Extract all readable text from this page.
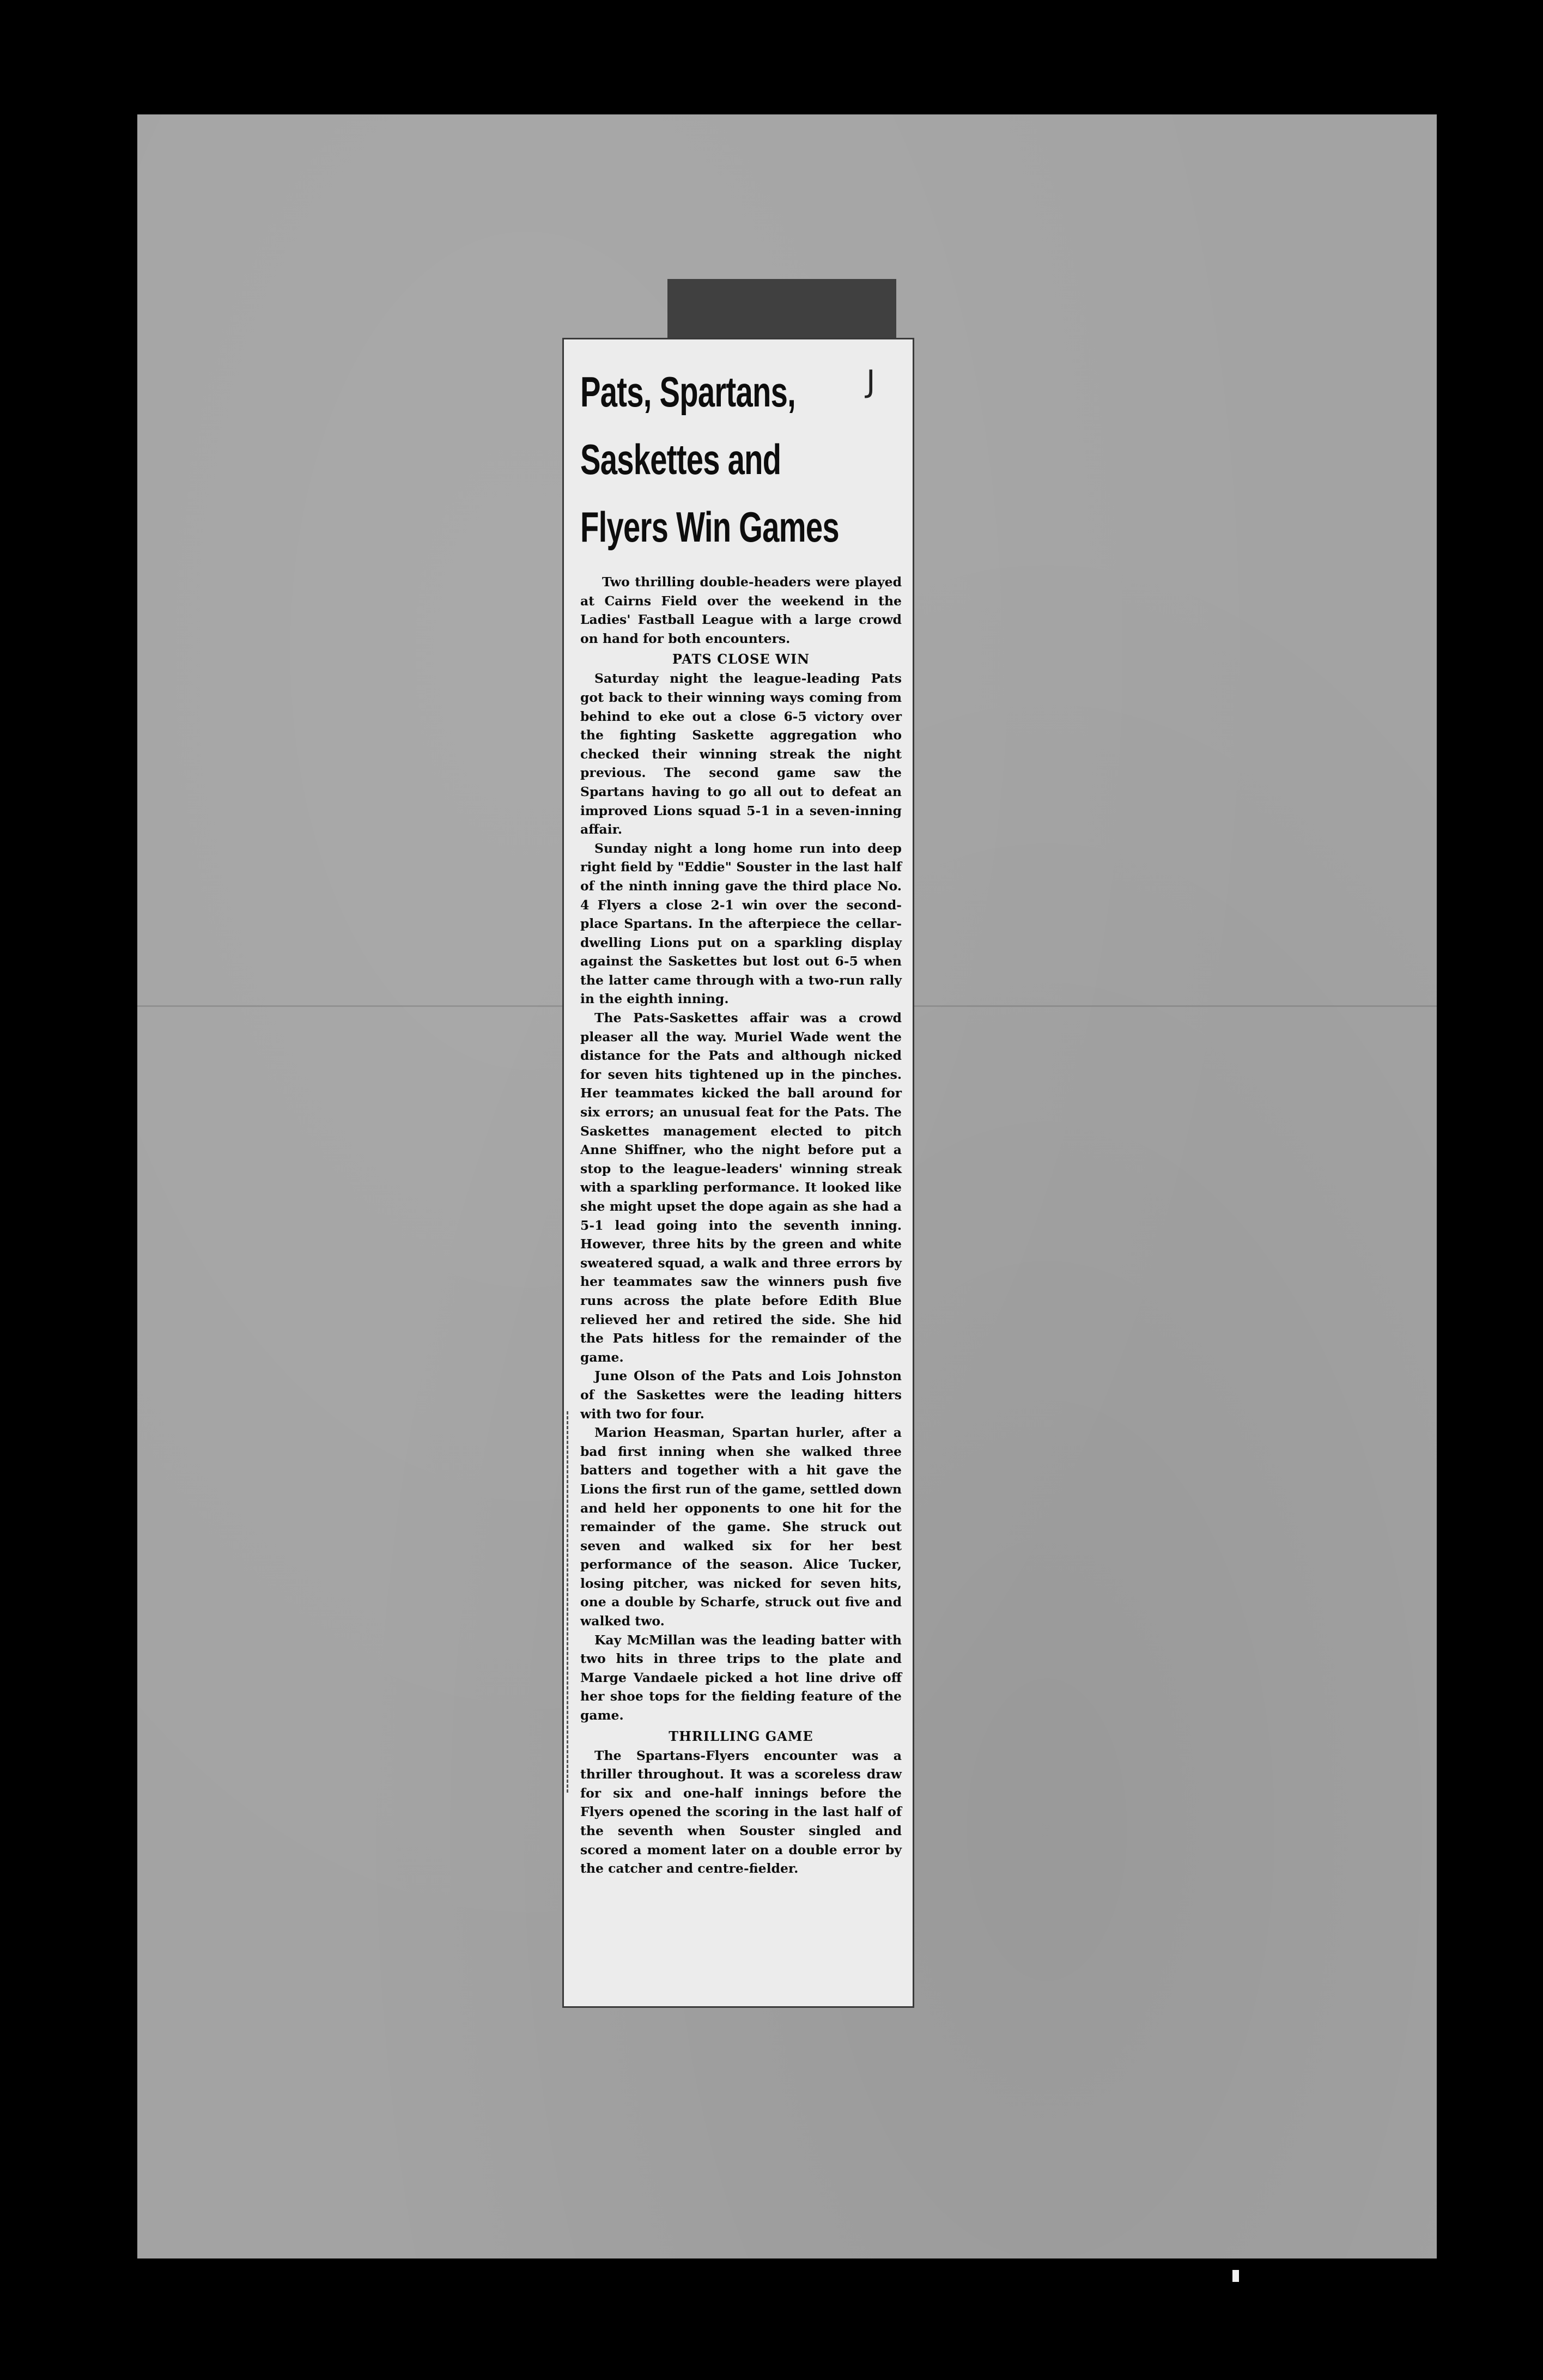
J
Pats, Spartans,
Saskettes and
Flyers Win Games

Two thrilling double-headers were played at Cairns Field over the weekend in the Ladies' Fastball League with a large crowd on hand for both encounters.

PATS CLOSE WIN

Saturday night the league-leading Pats got back to their winning ways coming from behind to eke out a close 6-5 victory over the fighting Saskette aggregation who checked their winning streak the night previous. The second game saw the Spartans having to go all out to defeat an improved Lions squad 5-1 in a seven-inning affair.

Sunday night a long home run into deep right field by "Eddie" Souster in the last half of the ninth inning gave the third place No. 4 Flyers a close 2-1 win over the second-place Spartans. In the afterpiece the cellar-dwelling Lions put on a sparkling display against the Saskettes but lost out 6-5 when the latter came through with a two-run rally in the eighth inning.

The Pats-Saskettes affair was a crowd pleaser all the way. Muriel Wade went the distance for the Pats and although nicked for seven hits tightened up in the pinches. Her teammates kicked the ball around for six errors; an unusual feat for the Pats. The Saskettes management elected to pitch Anne Shiffner, who the night before put a stop to the league-leaders' winning streak with a sparkling performance. It looked like she might upset the dope again as she had a 5-1 lead going into the seventh inning. However, three hits by the green and white sweatered squad, a walk and three errors by her teammates saw the winners push five runs across the plate before Edith Blue relieved her and retired the side. She hid the Pats hitless for the remainder of the game.

June Olson of the Pats and Lois Johnston of the Saskettes were the leading hitters with two for four.

Marion Heasman, Spartan hurler, after a bad first inning when she walked three batters and together with a hit gave the Lions the first run of the game, settled down and held her opponents to one hit for the remainder of the game. She struck out seven and walked six for her best performance of the season. Alice Tucker, losing pitcher, was nicked for seven hits, one a double by Scharfe, struck out five and walked two.

Kay McMillan was the leading batter with two hits in three trips to the plate and Marge Vandaele picked a hot line drive off her shoe tops for the fielding feature of the game.

THRILLING GAME

The Spartans-Flyers encounter was a thriller throughout. It was a scoreless draw for six and one-half innings before the Flyers opened the scoring in the last half of the seventh when Souster singled and scored a moment later on a double error by the catcher and centre-fielder.
